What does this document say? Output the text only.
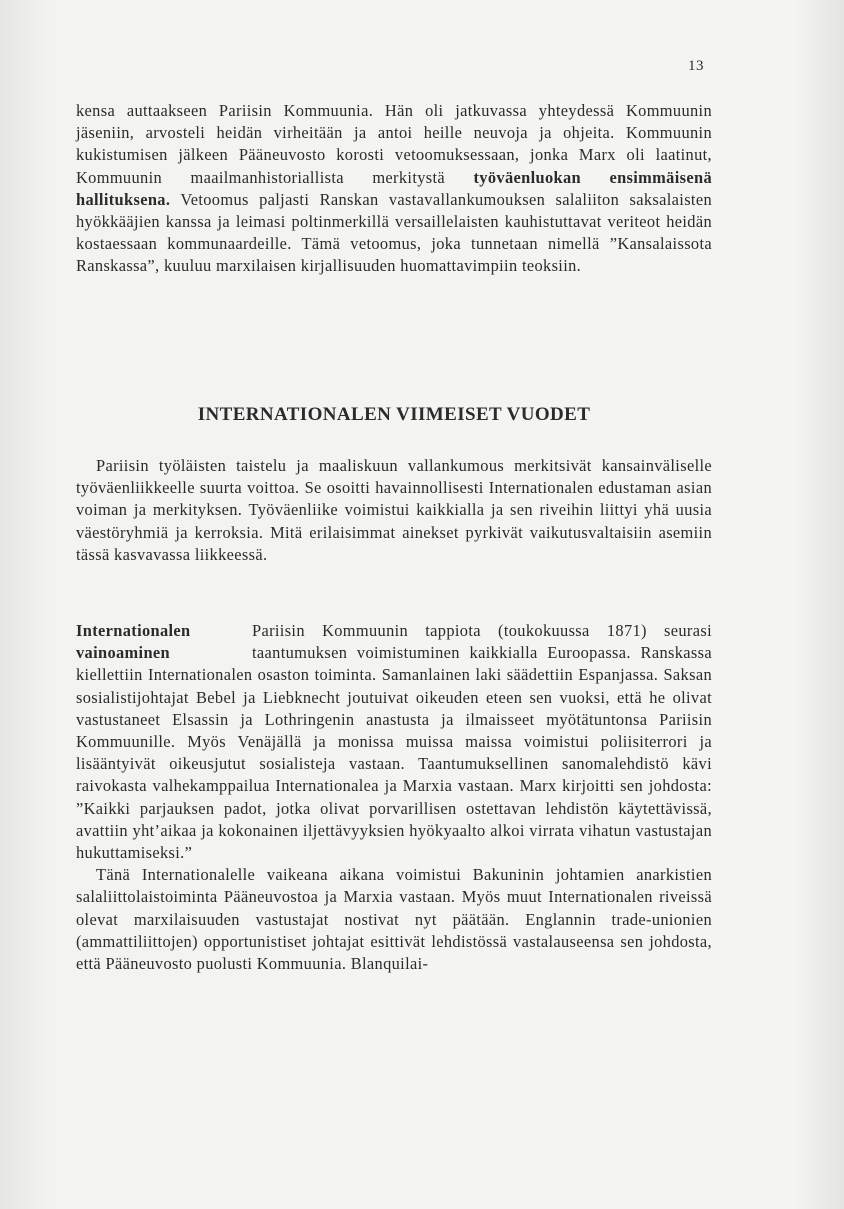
13

kensa auttaakseen Pariisin Kommuunia. Hän oli jatkuvassa yhteydessä Kommuunin jäseniin, arvosteli heidän virheitään ja antoi heille neuvoja ja ohjeita. Kommuunin kukistumisen jälkeen Pääneuvosto korosti vetoomuksessaan, jonka Marx oli laatinut, Kommuunin maailmanhistoriallista merkitystä työväenluokan ensimmäisenä hallituksena. Vetoomus paljasti Ranskan vastavallankumouksen salaliiton saksalaisten hyökkääjien kanssa ja leimasi poltinmerkillä versaillelaisten kauhistuttavat veriteot heidän kostaessaan kommunaardeille. Tämä vetoomus, joka tunnetaan nimellä ”Kansalaissota Ranskassa”, kuuluu marxilaisen kirjallisuuden huomattavimpiin teoksiin.

INTERNATIONALEN VIIMEISET VUODET

Pariisin työläisten taistelu ja maaliskuun vallankumous merkitsivät kansainväliselle työväenliikkeelle suurta voittoa. Se osoitti havainnollisesti Internationalen edustaman asian voiman ja merkityksen. Työväenliike voimistui kaikkialla ja sen riveihin liittyi yhä uusia väestöryhmiä ja kerroksia. Mitä erilaisimmat ainekset pyrkivät vaikutusvaltaisiin asemiin tässä kasvavassa liikkeessä.

Internationalen
vainoaminen

Pariisin Kommuunin tappiota (toukokuussa 1871) seurasi taantumuksen voimistuminen kaikkialla Euroopassa. Ranskassa kiellettiin Internationalen osaston toiminta. Samanlainen laki säädettiin Espanjassa. Saksan sosialistijohtajat Bebel ja Liebknecht joutuivat oikeuden eteen sen vuoksi, että he olivat vastustaneet Elsassin ja Lothringenin anastusta ja ilmaisseet myötätuntonsa Pariisin Kommuunille. Myös Venäjällä ja monissa muissa maissa voimistui poliisiterrori ja lisääntyivät oikeusjutut sosialisteja vastaan. Taantumuksellinen sanomalehdistö kävi raivokasta valhekamppailua Internationalea ja Marxia vastaan. Marx kirjoitti sen johdosta: ”Kaikki parjauksen padot, jotka olivat porvarillisen ostettavan lehdistön käytettävissä, avattiin yht’aikaa ja kokonainen iljettävyyksien hyökyaalto alkoi virrata vihatun vastustajan hukuttamiseksi.”

Tänä Internationalelle vaikeana aikana voimistui Bakuninin johtamien anarkistien salaliittolaistoiminta Pääneuvostoa ja Marxia vastaan. Myös muut Internationalen riveissä olevat marxilaisuuden vastustajat nostivat nyt päätään. Englannin trade-unionien (ammattiliittojen) opportunistiset johtajat esittivät lehdistössä vastalauseensa sen johdosta, että Pääneuvosto puolusti Kommuunia. Blanquilai-
